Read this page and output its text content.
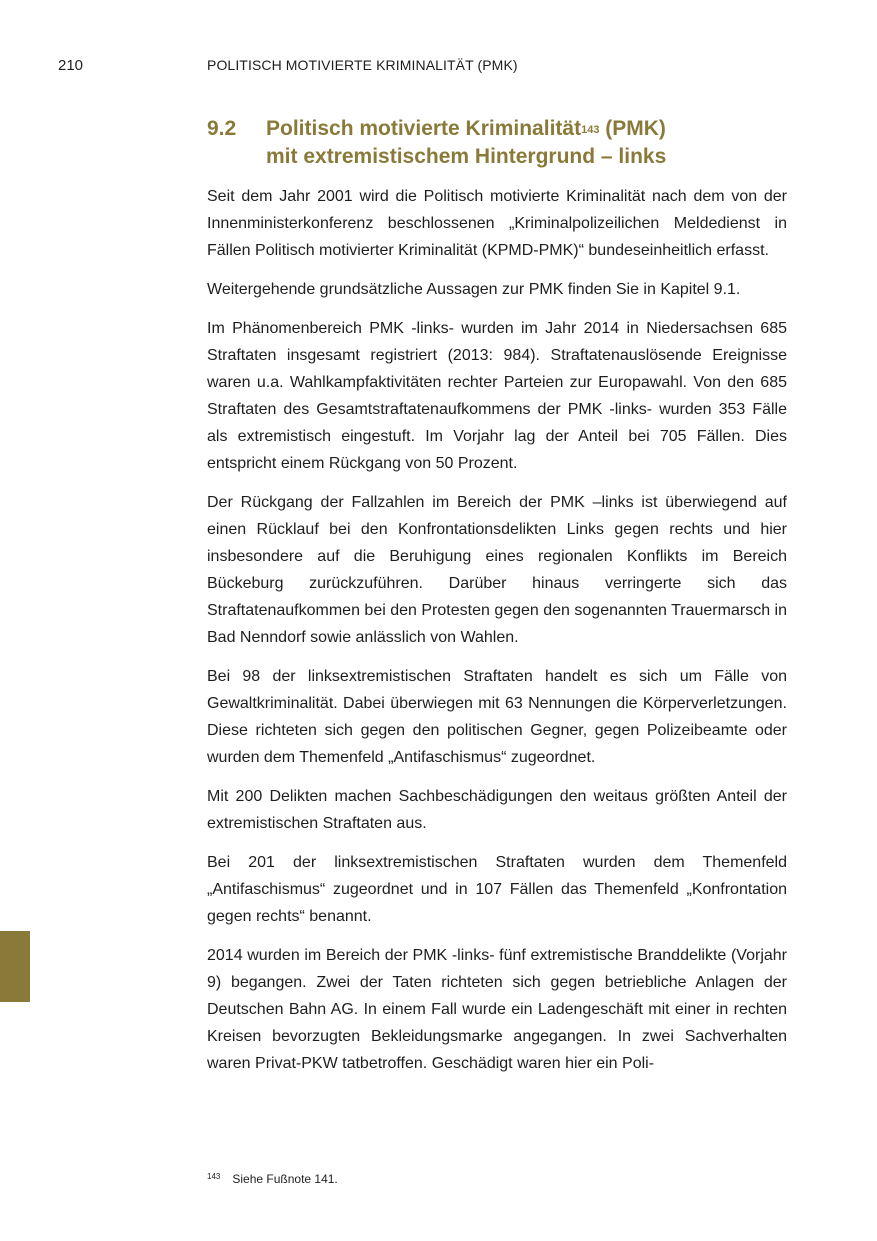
210	POLITISCH MOTIVIERTE KRIMINALITÄT (PMK)
9.2 Politisch motivierte Kriminalität$^{143}$ (PMK)
mit extremistischem Hintergrund – links

Seit dem Jahr 2001 wird die Politisch motivierte Kriminalität nach dem von der Innenministerkonferenz beschlossenen „Kriminalpolizeilichen Meldedienst in Fällen Politisch motivierter Kriminalität (KPMD-PMK)“ bundeseinheitlich erfasst.

Weitergehende grundsätzliche Aussagen zur PMK finden Sie in Kapitel 9.1.

Im Phänomenbereich PMK -links- wurden im Jahr 2014 in Niedersachsen 685 Straftaten insgesamt registriert (2013: 984). Straftatenauslösende Ereignisse waren u.a. Wahlkampfaktivitäten rechter Parteien zur Europawahl. Von den 685 Straftaten des Gesamtstraftatenaufkommens der PMK -links- wurden 353 Fälle als extremistisch eingestuft. Im Vorjahr lag der Anteil bei 705 Fällen. Dies entspricht einem Rückgang von 50 Prozent.

Der Rückgang der Fallzahlen im Bereich der PMK –links ist überwiegend auf einen Rücklauf bei den Konfrontationsdelikten Links gegen rechts und hier insbesondere auf die Beruhigung eines regionalen Konflikts im Bereich Bückeburg zurückzuführen. Darüber hinaus verringerte sich das Straftatenaufkommen bei den Protesten gegen den sogenannten Trauermarsch in Bad Nenndorf sowie anlässlich von Wahlen.

Bei 98 der linksextremistischen Straftaten handelt es sich um Fälle von Gewaltkriminalität. Dabei überwiegen mit 63 Nennungen die Körperverletzungen. Diese richteten sich gegen den politischen Gegner, gegen Polizeibeamte oder wurden dem Themenfeld „Antifaschismus“ zugeordnet.

Mit 200 Delikten machen Sachbeschädigungen den weitaus größten Anteil der extremistischen Straftaten aus.

Bei 201 der linksextremistischen Straftaten wurden dem Themenfeld „Antifaschismus“ zugeordnet und in 107 Fällen das Themenfeld „Konfrontation gegen rechts“ benannt.

2014 wurden im Bereich der PMK -links- fünf extremistische Branddelikte (Vorjahr 9) begangen. Zwei der Taten richteten sich gegen betriebliche Anlagen der Deutschen Bahn AG. In einem Fall wurde ein Ladengeschäft mit einer in rechten Kreisen bevorzugten Bekleidungsmarke angegangen. In zwei Sachverhalten waren Privat-PKW tatbetroffen. Geschädigt waren hier ein Poli-

$^{143}$ Siehe Fußnote 141.
